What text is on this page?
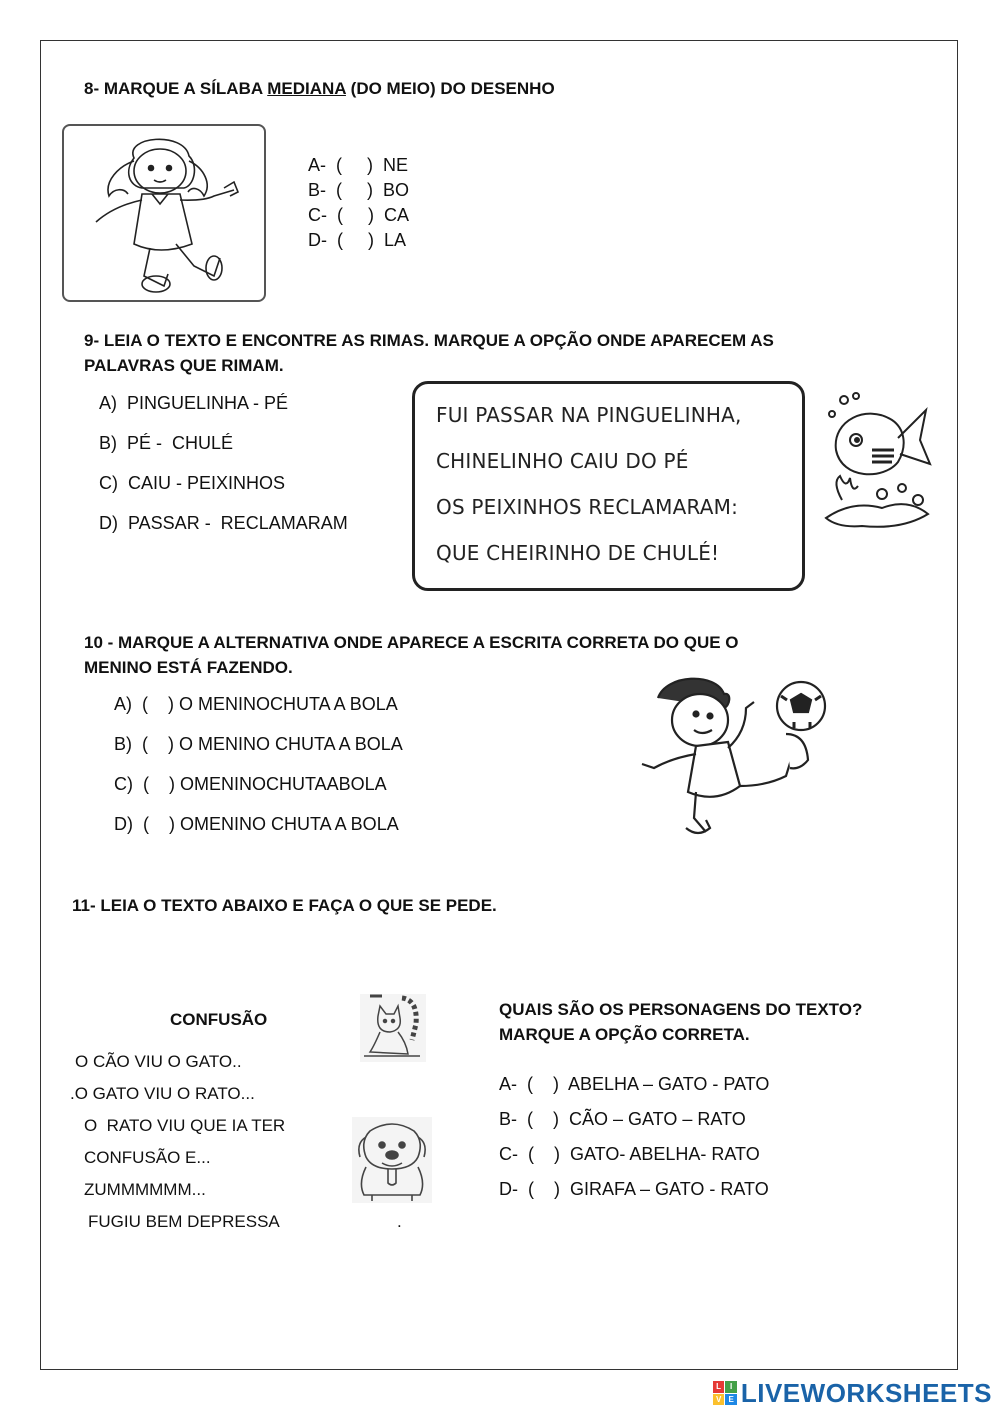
8- MARQUE A SÍLABA MEDIANA (DO MEIO) DO DESENHO
A-  (     )  NE
B-  (     )  BO
C-  (     )  CA
D-  (     )  LA
9- LEIA O TEXTO E ENCONTRE AS RIMAS. MARQUE A OPÇÃO ONDE APARECEM AS
PALAVRAS QUE RIMAM.
A)  PINGUELINHA - PÉ
B)  PÉ -  CHULÉ
C)  CAIU - PEIXINHOS
D)  PASSAR -  RECLAMARAM
FUI PASSAR NA PINGUELINHA,
CHINELINHO CAIU DO PÉ
OS PEIXINHOS RECLAMARAM:
QUE CHEIRINHO DE CHULÉ!
10 - MARQUE A ALTERNATIVA ONDE APARECE A ESCRITA CORRETA DO QUE O
MENINO ESTÁ FAZENDO.
A)  (    ) O MENINOCHUTA A BOLA
B)  (    ) O MENINO CHUTA A BOLA
C)  (    ) OMENINOCHUTAABOLA
D)  (    ) OMENINO CHUTA A BOLA
11- LEIA O TEXTO ABAIXO E FAÇA O QUE SE PEDE.
CONFUSÃO
O CÃO VIU O GATO..
.O GATO VIU O RATO...
O  RATO VIU QUE IA TER
CONFUSÃO E...
ZUMMMMMM...
FUGIU BEM DEPRESSA	.
QUAIS SÃO OS PERSONAGENS DO TEXTO?
MARQUE A OPÇÃO CORRETA.
A-  (    )  ABELHA – GATO - PATO
B-  (    )  CÃO – GATO – RATO
C-  (    )  GATO- ABELHA- RATO
D-  (    )  GIRAFA – GATO - RATO
L	I
V E LIVEWORKSHEETS
